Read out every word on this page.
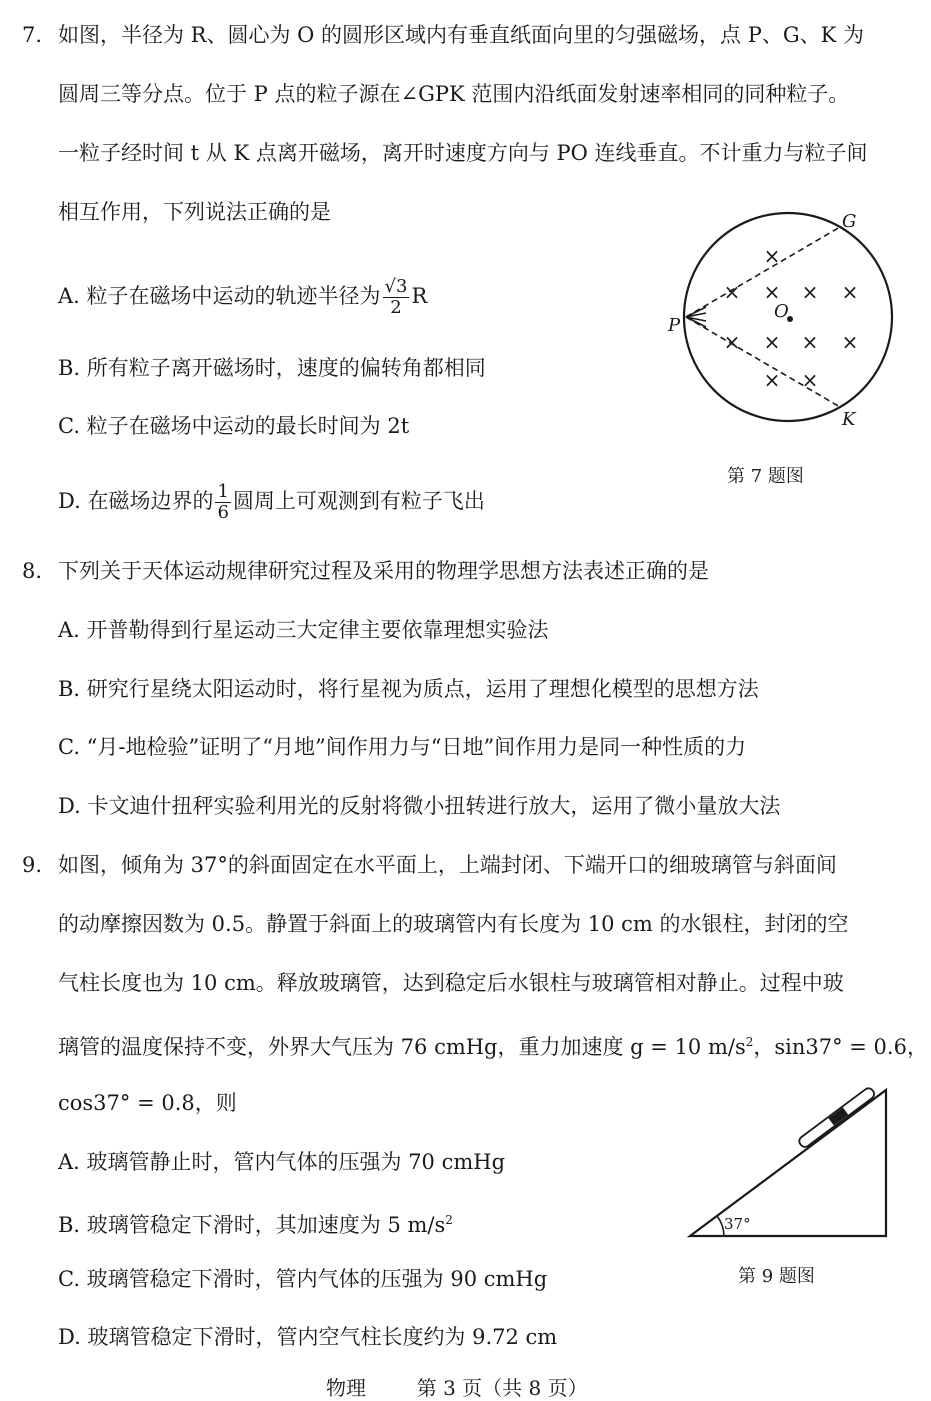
7. 如图，半径为 R、圆心为 O 的圆形区域内有垂直纸面向里的匀强磁场，点 P、G、K 为
圆周三等分点。位于 P 点的粒子源在∠GPK 范围内沿纸面发射速率相同的同种粒子。
一粒子经时间 t 从 K 点离开磁场，离开时速度方向与 PO 连线垂直。不计重力与粒子间
相互作用，下列说法正确的是
A. 粒子在磁场中运动的轨迹半径为 $\frac{√3}{2}$ R
B. 所有粒子离开磁场时，速度的偏转角都相同
C. 粒子在磁场中运动的最长时间为 2t
D. 在磁场边界的 $\frac{1}{6}$ 圆周上可观测到有粒子飞出
×
× × × ×
× × × ×
× ×
G
P
O
K
第 7 题图
8. 下列关于天体运动规律研究过程及采用的物理学思想方法表述正确的是
A. 开普勒得到行星运动三大定律主要依靠理想实验法
B. 研究行星绕太阳运动时，将行星视为质点，运用了理想化模型的思想方法
C. “月-地检验”证明了“月地”间作用力与“日地”间作用力是同一种性质的力
D. 卡文迪什扭秤实验利用光的反射将微小扭转进行放大，运用了微小量放大法
9. 如图，倾角为 37°的斜面固定在水平面上，上端封闭、下端开口的细玻璃管与斜面间
的动摩擦因数为 0.5。静置于斜面上的玻璃管内有长度为 10 cm 的水银柱，封闭的空
气柱长度也为 10 cm。释放玻璃管，达到稳定后水银柱与玻璃管相对静止。过程中玻
璃管的温度保持不变，外界大气压为 76 cmHg，重力加速度 g = 10 $m/s^2$，sin37° = 0.6，
cos37° = 0.8，则
A. 玻璃管静止时，管内气体的压强为 70 cmHg
B. 玻璃管稳定下滑时，其加速度为 5 $m/s^2$
C. 玻璃管稳定下滑时，管内气体的压强为 90 cmHg
D. 玻璃管稳定下滑时，管内空气柱长度约为 9.72 cm
37°
第 9 题图
物理	第 3 页（共 8 页）
